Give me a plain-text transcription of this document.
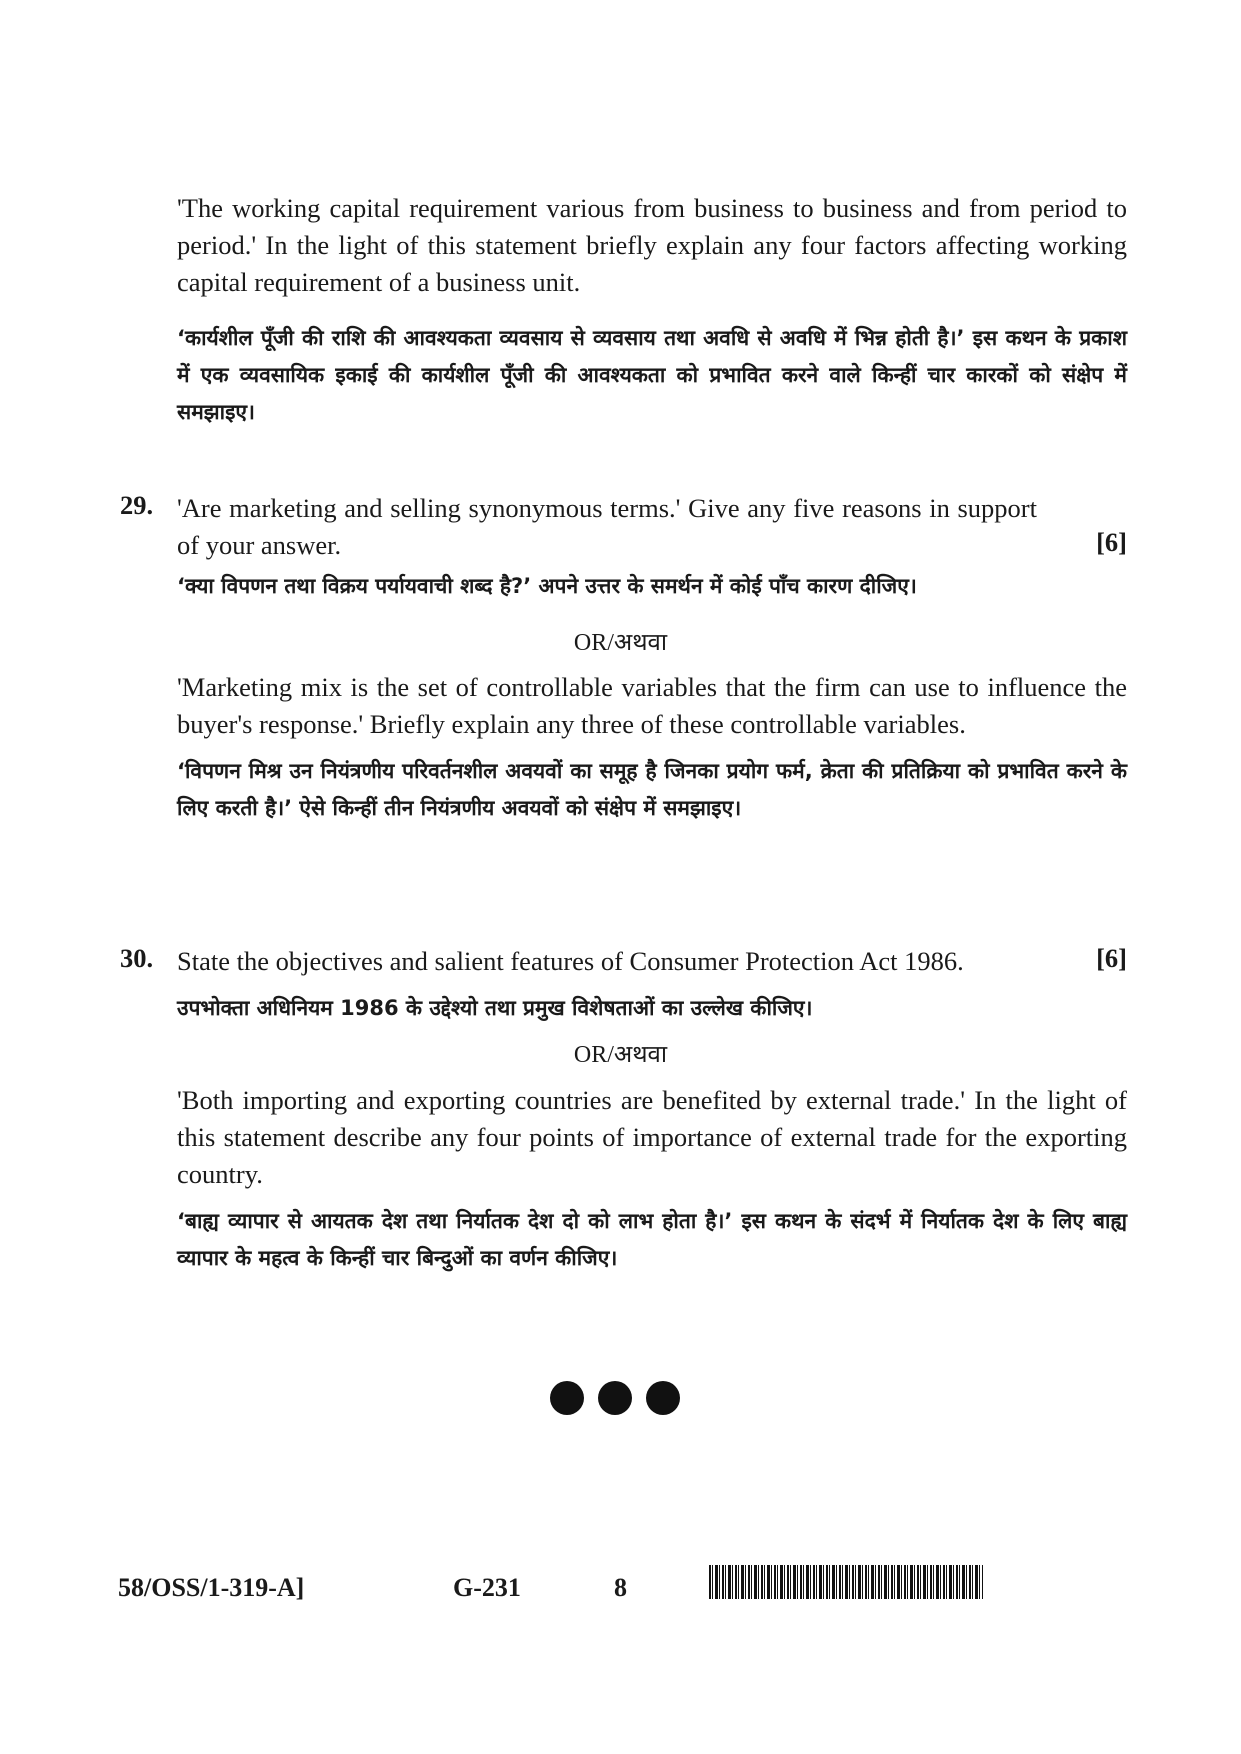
'The working capital requirement various from business to business and from period to period.' In the light of this statement briefly explain any four factors affecting working capital requirement of a business unit.
‘कार्यशील पूँजी की राशि की आवश्यकता व्यवसाय से व्यवसाय तथा अवधि से अवधि में भिन्न होती है।’ इस कथन के प्रकाश में एक व्यवसायिक इकाई की कार्यशील पूँजी की आवश्यकता को प्रभावित करने वाले किन्हीं चार कारकों को संक्षेप में समझाइए।
29. 'Are marketing and selling synonymous terms.' Give any five reasons in support of your answer.	[6]
‘क्या विपणन तथा विक्रय पर्यायवाची शब्द है?’ अपने उत्तर के समर्थन में कोई पाँच कारण दीजिए।
OR/अथवा
'Marketing mix is the set of controllable variables that the firm can use to influence the buyer's response.' Briefly explain any three of these controllable variables.
‘विपणन मिश्र उन नियंत्रणीय परिवर्तनशील अवयवों का समूह है जिनका प्रयोग फर्म, क्रेता की प्रतिक्रिया को प्रभावित करने के लिए करती है।’ ऐसे किन्हीं तीन नियंत्रणीय अवयवों को संक्षेप में समझाइए।
30. State the objectives and salient features of Consumer Protection Act 1986.	[6]
उपभोक्ता अधिनियम 1986 के उद्देश्यो तथा प्रमुख विशेषताओं का उल्लेख कीजिए।
OR/अथवा
'Both importing and exporting countries are benefited by external trade.' In the light of this statement describe any four points of importance of external trade for the exporting country.
‘बाह्य व्यापार से आयतक देश तथा निर्यातक देश दो को लाभ होता है।’ इस कथन के संदर्भ में निर्यातक देश के लिए बाह्य व्यापार के महत्व के किन्हीं चार बिन्दुओं का वर्णन कीजिए।
58/OSS/1-319-A]	G-231	8
